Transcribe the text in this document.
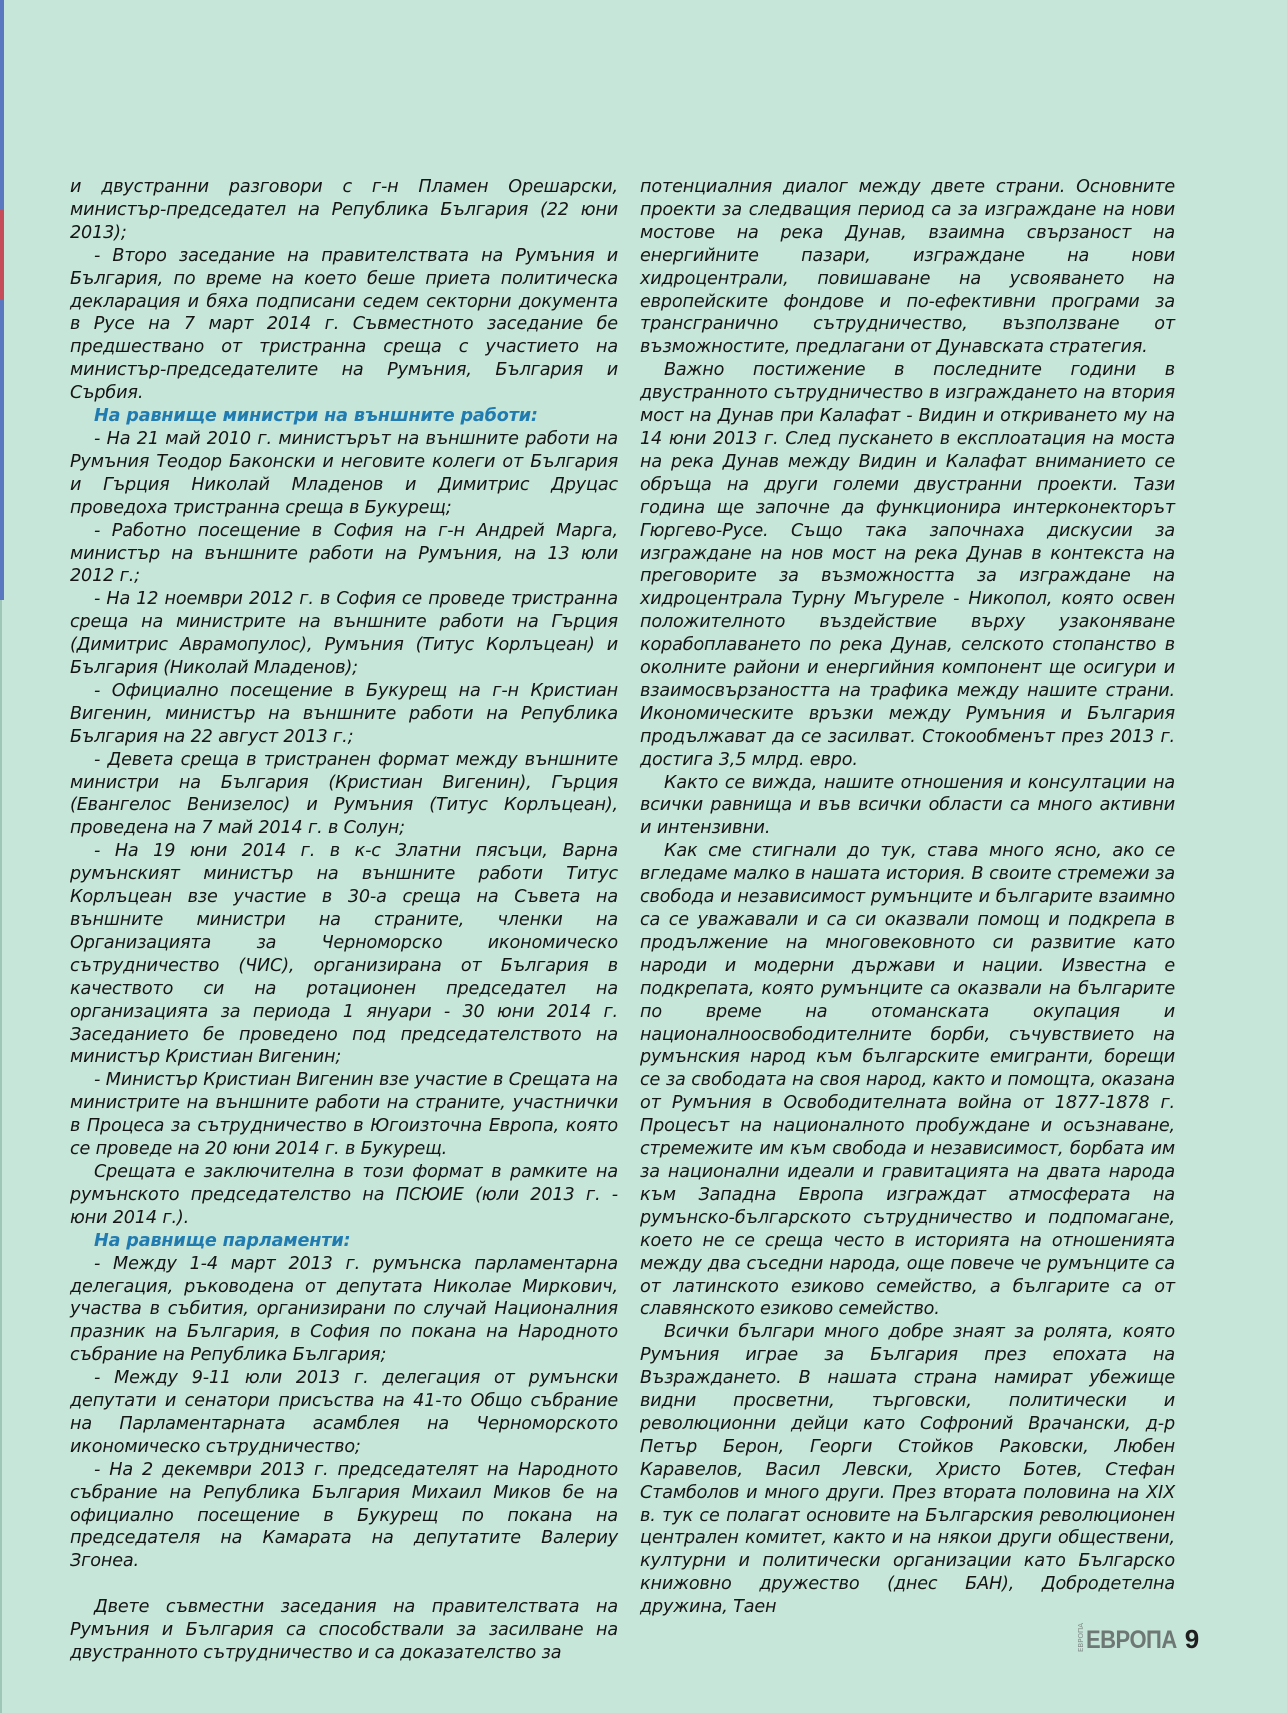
и двустранни разговори с г-н Пламен Орешарски, министър-председател на Република България (22 юни 2013);

- Второ заседание на правителствата на Румъния и България, по време на което беше приета политическа декларация и бяха подписани седем секторни документа в Русе на 7 март 2014 г. Съвместното заседание бе предшествано от тристранна среща с участието на министър-председателите на Румъния, България и Сърбия.

На равнище министри на външните работи:

- На 21 май 2010 г. министърът на външните работи на Румъния Теодор Баконски и неговите колеги от България и Гърция Николай Младенов и Димитрис Друцас проведоха тристранна среща в Букурещ;

- Работно посещение в София на г-н Андрей Марга, министър на външните работи на Румъния, на 13 юли 2012 г.;

- На 12 ноември 2012 г. в София се проведе тристранна среща на министрите на външните работи на Гърция (Димитрис Аврамопулос), Румъния (Титус Корлъцеан) и България (Николай Младенов);

- Официално посещение в Букурещ на г-н Кристиан Вигенин, министър на външните работи на Република България на 22 август 2013 г.;

- Девета среща в тристранен формат между външните министри на България (Кристиан Вигенин), Гърция (Евангелос Венизелос) и Румъния (Титус Корлъцеан), проведена на 7 май 2014 г. в Солун;

- На 19 юни 2014 г. в к-с Златни пясъци, Варна румънският министър на външните работи Титус Корлъцеан взе участие в 30-а среща на Съвета на външните министри на страните, членки на Организацията за Черноморско икономическо сътрудничество (ЧИС), организирана от България в качеството си на ротационен председател на организацията за периода 1 януари - 30 юни 2014 г. Заседанието бе проведено под председателството на министър Кристиан Вигенин;

- Министър Кристиан Вигенин взе участие в Срещата на министрите на външните работи на страните, участнички в Процеса за сътрудничество в Югоизточна Европа, която се проведе на 20 юни 2014 г. в Букурещ.

Срещата е заключителна в този формат в рамките на румънското председателство на ПСЮИЕ (юли 2013 г. - юни 2014 г.).

На равнище парламенти:

- Между 1-4 март 2013 г. румънска парламентарна делегация, ръководена от депутата Николае Миркович, участва в събития, организирани по случай Националния празник на България, в София по покана на Народното събрание на Република България;

- Между 9-11 юли 2013 г. делегация от румънски депутати и сенатори присъства на 41-то Общо събрание на Парламентарната асамблея на Черноморското икономическо сътрудничество;

- На 2 декември 2013 г. председателят на Народното събрание на Република България Михаил Миков бе на официално посещение в Букурещ по покана на председателя на Камарата на депутатите Валериу Згонеа.

Двете съвместни заседания на правителствата на Румъния и България са способствали за засилване на двустранното сътрудничество и са доказателство за

потенциалния диалог между двете страни. Основните проекти за следващия период са за изграждане на нови мостове на река Дунав, взаимна свързаност на енергийните пазари, изграждане на нови хидроцентрали, повишаване на усвояването на европейските фондове и по-ефективни програми за трансгранично сътрудничество, възползване от възможностите, предлагани от Дунавската стратегия.

Важно постижение в последните години в двустранното сътрудничество в изграждането на втория мост на Дунав при Калафат - Видин и откриването му на 14 юни 2013 г. След пускането в експлоатация на моста на река Дунав между Видин и Калафат вниманието се обръща на други големи двустранни проекти. Тази година ще започне да функционира интерконекторът Гюргево-Русе. Също така започнаха дискусии за изграждане на нов мост на река Дунав в контекста на преговорите за възможността за изграждане на хидроцентрала Турну Мъгуреле - Никопол, която освен положителното въздействие върху узаконяване корабоплаването по река Дунав, селското стопанство в околните райони и енергийния компонент ще осигури и взаимосвързаността на трафика между нашите страни. Икономическите връзки между Румъния и България продължават да се засилват. Стокообменът през 2013 г. достига 3,5 млрд. евро.

Както се вижда, нашите отношения и консултации на всички равнища и във всички области са много активни и интензивни.

Как сме стигнали до тук, става много ясно, ако се вгледаме малко в нашата история. В своите стремежи за свобода и независимост румънците и българите взаимно са се уважавали и са си оказвали помощ и подкрепа в продължение на многовековното си развитие като народи и модерни държави и нации. Известна е подкрепата, която румънците са оказвали на българите по време на отоманската окупация и националноосвободителните борби, съчувствието на румънския народ към българските емигранти, борещи се за свободата на своя народ, както и помощта, оказана от Румъния в Освободителната война от 1877-1878 г. Процесът на националното пробуждане и осъзнаване, стремежите им към свобода и независимост, борбата им за национални идеали и гравитацията на двата народа към Западна Европа изграждат атмосферата на румънско-българското сътрудничество и подпомагане, което не се среща често в историята на отношенията между два съседни народа, още повече че румънците са от латинското езиково семейство, а българите са от славянското езиково семейство.

Всички българи много добре знаят за ролята, която Румъния играе за България през епохата на Възраждането. В нашата страна намират убежище видни просветни, търговски, политически и революционни дейци като Софроний Врачански, д-р Петър Берон, Георги Стойков Раковски, Любен Каравелов, Васил Левски, Христо Ботев, Стефан Стамболов и много други. През втората половина на XIX в. тук се полагат основите на Българския революционен централен комитет, както и на някои други обществени, културни и политически организации като Българско книжовно дружество (днес БАН), Добродетелна дружина, Таен

ЕВРОПА ЕВРОПА 9
